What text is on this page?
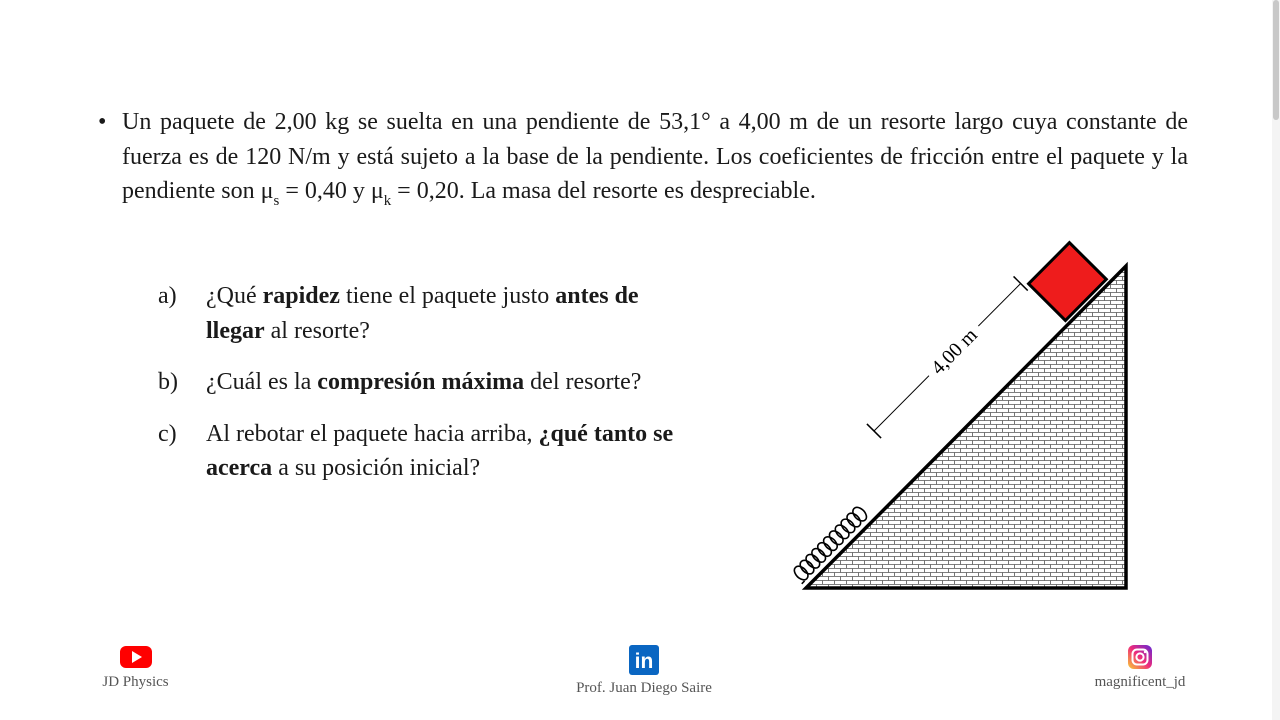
• Un paquete de 2,00 kg se suelta en una pendiente de 53,1° a 4,00 m de un resorte largo cuya constante de fuerza es de 120 N/m y está sujeto a la base de la pendiente. Los coeficientes de fricción entre el paquete y la pendiente son $\mu_s = 0,40$ y $\mu_k = 0,20$. La masa del resorte es despreciable.
a) ¿Qué rapidez tiene el paquete justo antes de llegar al resorte?
b) ¿Cuál es la compresión máxima del resorte?
c) Al rebotar el paquete hacia arriba, ¿qué tanto se acerca a su posición inicial?
4,00 m
JD Physics
in
Prof. Juan Diego Saire	magnificent_jd
